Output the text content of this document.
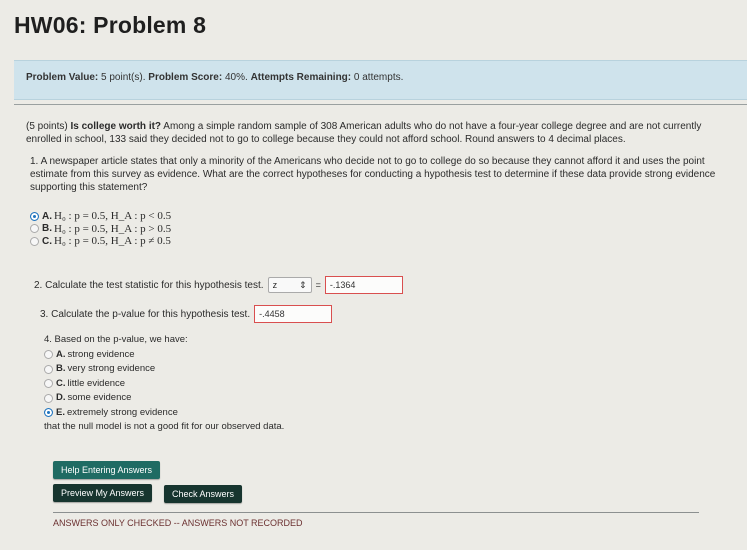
HW06: Problem 8
Problem Value: 5 point(s). Problem Score: 40%. Attempts Remaining: 0 attempts.
(5 points) Is college worth it? Among a simple random sample of 308 American adults who do not have a four-year college degree and are not currently enrolled in school, 133 said they decided not to go to college because they could not afford school. Round answers to 4 decimal places.
1. A newspaper article states that only a minority of the Americans who decide not to go to college do so because they cannot afford it and uses the point estimate from this survey as evidence. What are the correct hypotheses for conducting a hypothesis test to determine if these data provide strong evidence supporting this statement?
A. H₀ : p = 0.5, H_A : p < 0.5
B. H₀ : p = 0.5, H_A : p > 0.5
C. H₀ : p = 0.5, H_A : p ≠ 0.5
2. Calculate the test statistic for this hypothesis test. z ⇕ =	-.1364
3. Calculate the p-value for this hypothesis test.	-.4458
4. Based on the p-value, we have:
A. strong evidence
B. very strong evidence
C. little evidence
D. some evidence
E. extremely strong evidence
that the null model is not a good fit for our observed data.
Help Entering Answers
Preview My Answers	Check Answers
ANSWERS ONLY CHECKED -- ANSWERS NOT RECORDED
